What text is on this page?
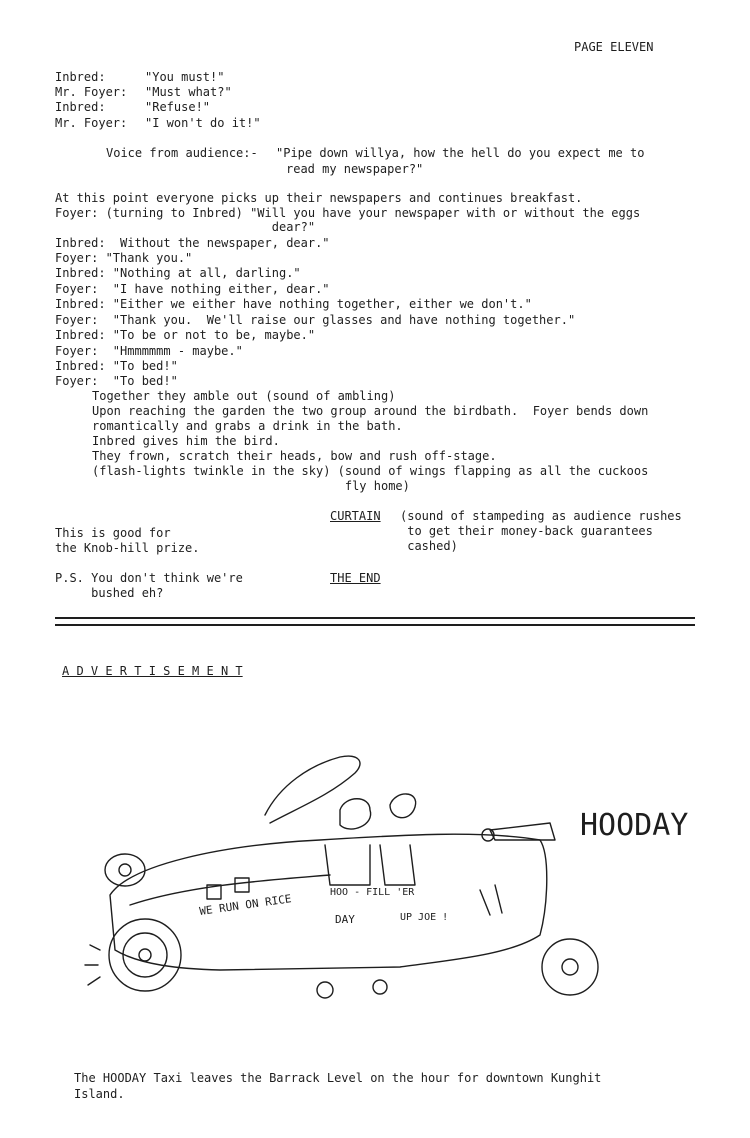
PAGE ELEVEN
Inbred:	"You must!"
Mr. Foyer: "Must what?"
Inbred:	"Refuse!"
Mr. Foyer: "I won't do it!"
Voice from audience:- "Pipe down willya, how the hell do you expect me to
read my newspaper?"
At this point everyone picks up their newspapers and continues breakfast.
Foyer: (turning to Inbred) "Will you have your newspaper with or without the eggs
dear?"
Inbred:  Without the newspaper, dear."
Foyer: "Thank you."
Inbred: "Nothing at all, darling."
Foyer:  "I have nothing either, dear."
Inbred: "Either we either have nothing together, either we don't."
Foyer:  "Thank you.  We'll raise our glasses and have nothing together."
Inbred: "To be or not to be, maybe."
Foyer:  "Hmmmmmm - maybe."
Inbred: "To bed!"
Foyer:  "To bed!"
Together they amble out (sound of ambling)
Upon reaching the garden the two group around the birdbath.  Foyer bends down
romantically and grabs a drink in the bath.
Inbred gives him the bird.
They frown, scratch their heads, bow and rush off-stage.
(flash-lights twinkle in the sky) (sound of wings flapping as all the cuckoos
fly home)
CURTAIN (sound of stampeding as audience rushes
to get their money-back guarantees
cashed)
This is good for
the Knob-hill prize.
P.S. You don't think we're
bushed eh?
THE END
A D V E R T I S E M E N T
HOODAY
WE RUN ON RICE
DAY
HOO - FILL 'ER
UP JOE !
The HOODAY Taxi leaves the Barrack Level on the hour for downtown Kunghit
Island.
